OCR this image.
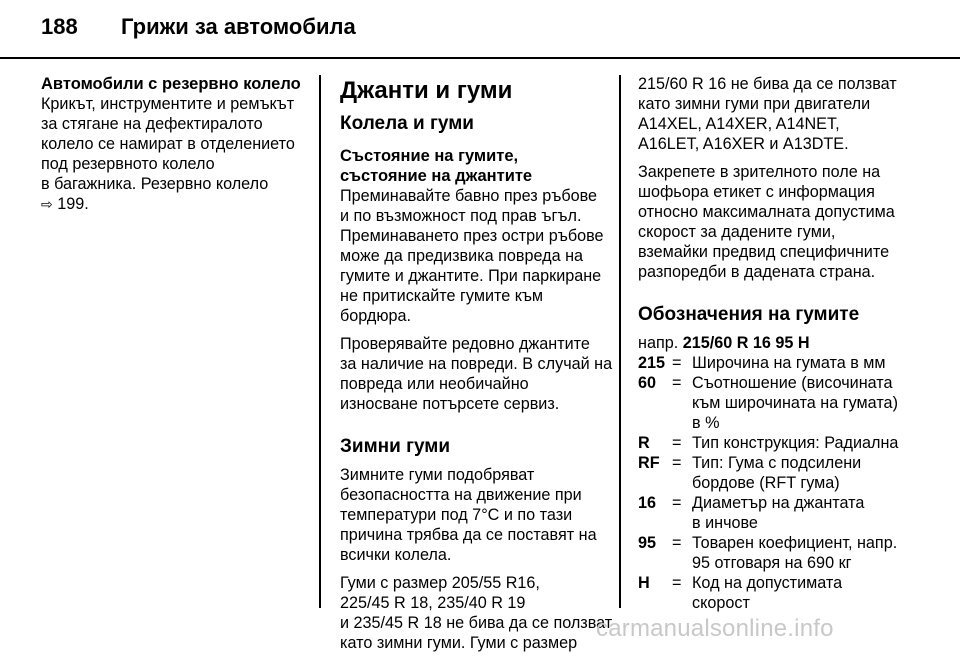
188	Грижи за автомобила
Автомобили с резервно колело
Крикът, инструментите и ремъкът
за стягане на дефектиралото
колело се намират в отделението
под резервното колело
в багажника. Резервно колело
⇨ 199.
Джанти и гуми
Колела и гуми
Състояние на гумите,
състояние на джантите
Преминавайте бавно през ръбове
и по възможност под прав ъгъл.
Преминаването през остри ръбове
може да предизвика повреда на
гумите и джантите. При паркиране
не притискайте гумите към
бордюра.
Проверявайте редовно джантите
за наличие на повреди. В случай на
повреда или необичайно
износване потърсете сервиз.
Зимни гуми
Зимните гуми подобряват
безопасността на движение при
температури под 7°C и по тази
причина трябва да се поставят на
всички колела.
Гуми с размер 205/55 R16,
225/45 R 18, 235/40 R 19
и 235/45 R 18 не бива да се ползват
като зимни гуми. Гуми с размер
215/60 R 16 не бива да се ползват
като зимни гуми при двигатели
A14XEL, A14XER, A14NET,
A16LET, A16XER и A13DTE.
Закрепете в зрителното поле на
шофьора етикет с информация
относно максималната допустима
скорост за дадените гуми,
вземайки предвид специфичните
разпоредби в дадената страна.
Обозначения на гумите
напр. 215/60 R 16 95 H
215 = Широчина на гумата в мм
60 = Съотношение (височината
към широчината на гумата)
в %
R	= Тип конструкция: Радиална
RF = Тип: Гума с подсилени
бордове (RFT гума)
16 = Диаметър на джантата
в инчове
95 = Товарен коефициент, напр.
95 отговаря на 690 кг
H	= Код на допустимата
скорост
carmanualsonline.info
